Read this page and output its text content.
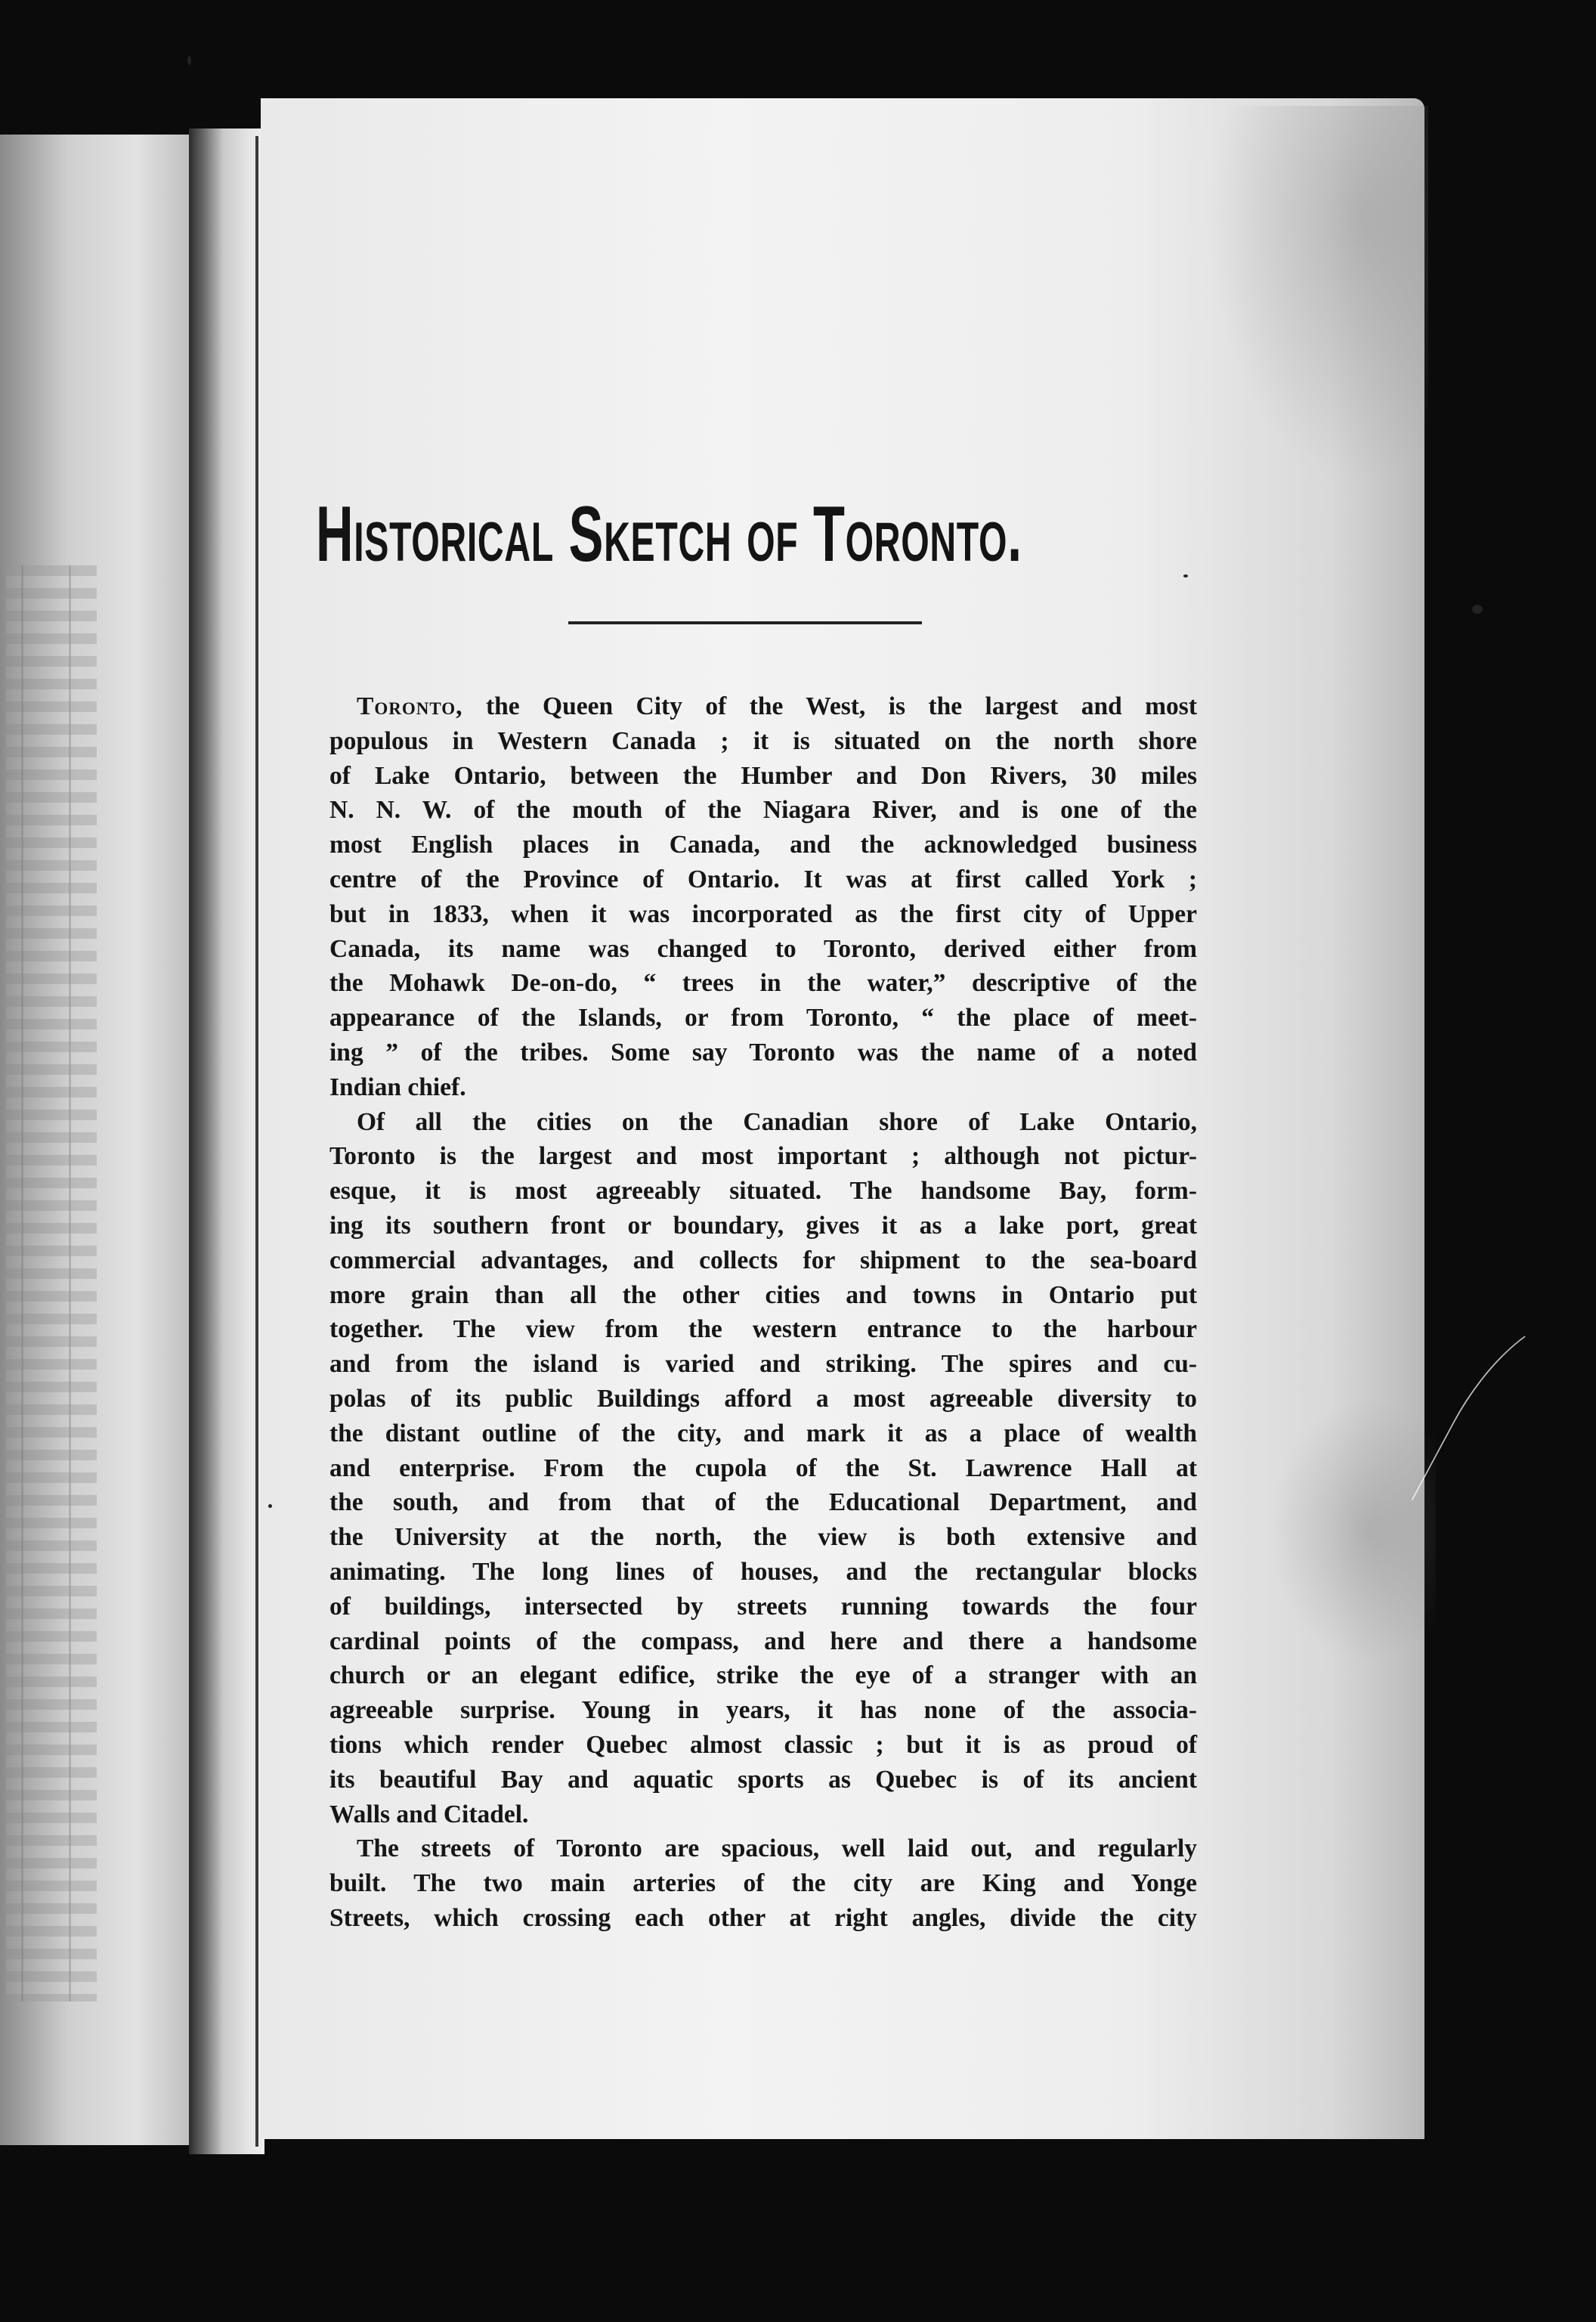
Historical Sketch of Toronto.
Toronto, the Queen City of the West, is the largest and most
populous in Western Canada ; it is situated on the north shore
of Lake Ontario, between the Humber and Don Rivers, 30 miles
N. N. W. of the mouth of the Niagara River, and is one of the
most English places in Canada, and the acknowledged business
centre of the Province of Ontario. It was at first called York ;
but in 1833, when it was incorporated as the first city of Upper
Canada, its name was changed to Toronto, derived either from
the Mohawk De-on-do, “ trees in the water,” descriptive of the
appearance of the Islands, or from Toronto, “ the place of meet-
ing ” of the tribes. Some say Toronto was the name of a noted
Indian chief.
Of all the cities on the Canadian shore of Lake Ontario,
Toronto is the largest and most important ; although not pictur-
esque, it is most agreeably situated. The handsome Bay, form-
ing its southern front or boundary, gives it as a lake port, great
commercial advantages, and collects for shipment to the sea-board
more grain than all the other cities and towns in Ontario put
together. The view from the western entrance to the harbour
and from the island is varied and striking. The spires and cu-
polas of its public Buildings afford a most agreeable diversity to
the distant outline of the city, and mark it as a place of wealth
and enterprise. From the cupola of the St. Lawrence Hall at
the south, and from that of the Educational Department, and
the University at the north, the view is both extensive and
animating. The long lines of houses, and the rectangular blocks
of buildings, intersected by streets running towards the four
cardinal points of the compass, and here and there a handsome
church or an elegant edifice, strike the eye of a stranger with an
agreeable surprise. Young in years, it has none of the associa-
tions which render Quebec almost classic ; but it is as proud of
its beautiful Bay and aquatic sports as Quebec is of its ancient
Walls and Citadel.
The streets of Toronto are spacious, well laid out, and regularly
built. The two main arteries of the city are King and Yonge
Streets, which crossing each other at right angles, divide the city
